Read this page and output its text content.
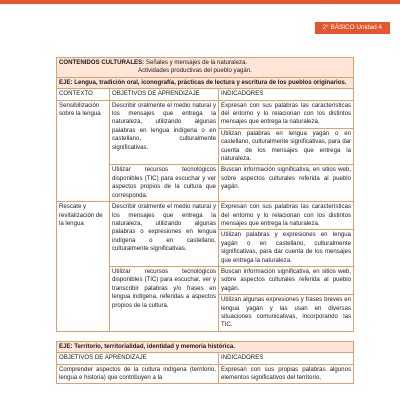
2° BÁSICO Unidad 4
CONTENIDOS CULTURALES: Señales y mensajes de la naturaleza.
Actividades productivas del pueblo yagán.		
EJE: Lengua, tradición oral, iconografía, prácticas de lectura y escritura de los pueblos originarios.		
CONTEXTO	OBJETIVOS DE APRENDIZAJE	INDICADORES
Sensibilización sobre la lengua	Describir oralmente el medio natural y los mensajes que entrega la naturaleza, utilizando algunas palabras en lengua indígena o en castellano, culturalmente significativas.	Expresan con sus palabras las características del entorno y lo relacionan con los distintos mensajes que entrega la naturaleza.
		Utilizan palabras en lengua yagán o en castellano, culturalmente significativas, para dar cuenta de los mensajes que entrega la naturaleza.
	Utilizar recursos tecnológicos disponibles (TIC) para escuchar y ver aspectos propios de la cultura que corresponda.	Buscan información significativa, en sitios web, sobre aspectos culturales referida al pueblo yagán.
Rescate y revitalización de la lengua	Describir oralmente el medio natural y los mensajes que entrega la naturaleza, utilizando algunas palabras o expresiones en lengua indígena o en castellano, culturalmente significativas.	Expresan con sus palabras las características del entorno y lo relacionan con los distintos mensajes que entrega la naturaleza.
		Utilizan palabras y expresiones en lengua yagán o en castellano, culturalmente significativas, para dar cuenta de los mensajes que entrega la naturaleza.
	Utilizar recursos tecnológicos disponibles (TIC) para escuchar, ver y transcribir palabras y/o frases en lengua indígena, referidas a aspectos propios de la cultura.	Buscan información significativa, en sitios web, sobre aspectos culturales referida al pueblo yagán.
		Utilizan algunas expresiones y frases breves en lengua yagán y las usan en diversas situaciones comunicativas, incorporando las TIC.

EJE: Territorio, territorialidad, identidad y memoria histórica.		
OBJETIVOS DE APRENDIZAJE		INDICADORES
Comprender aspectos de la cultura indígena (territorio, lengua e historia) que contribuyen a la		Expresan con sus propias palabras algunos elementos significativos del territorio,
